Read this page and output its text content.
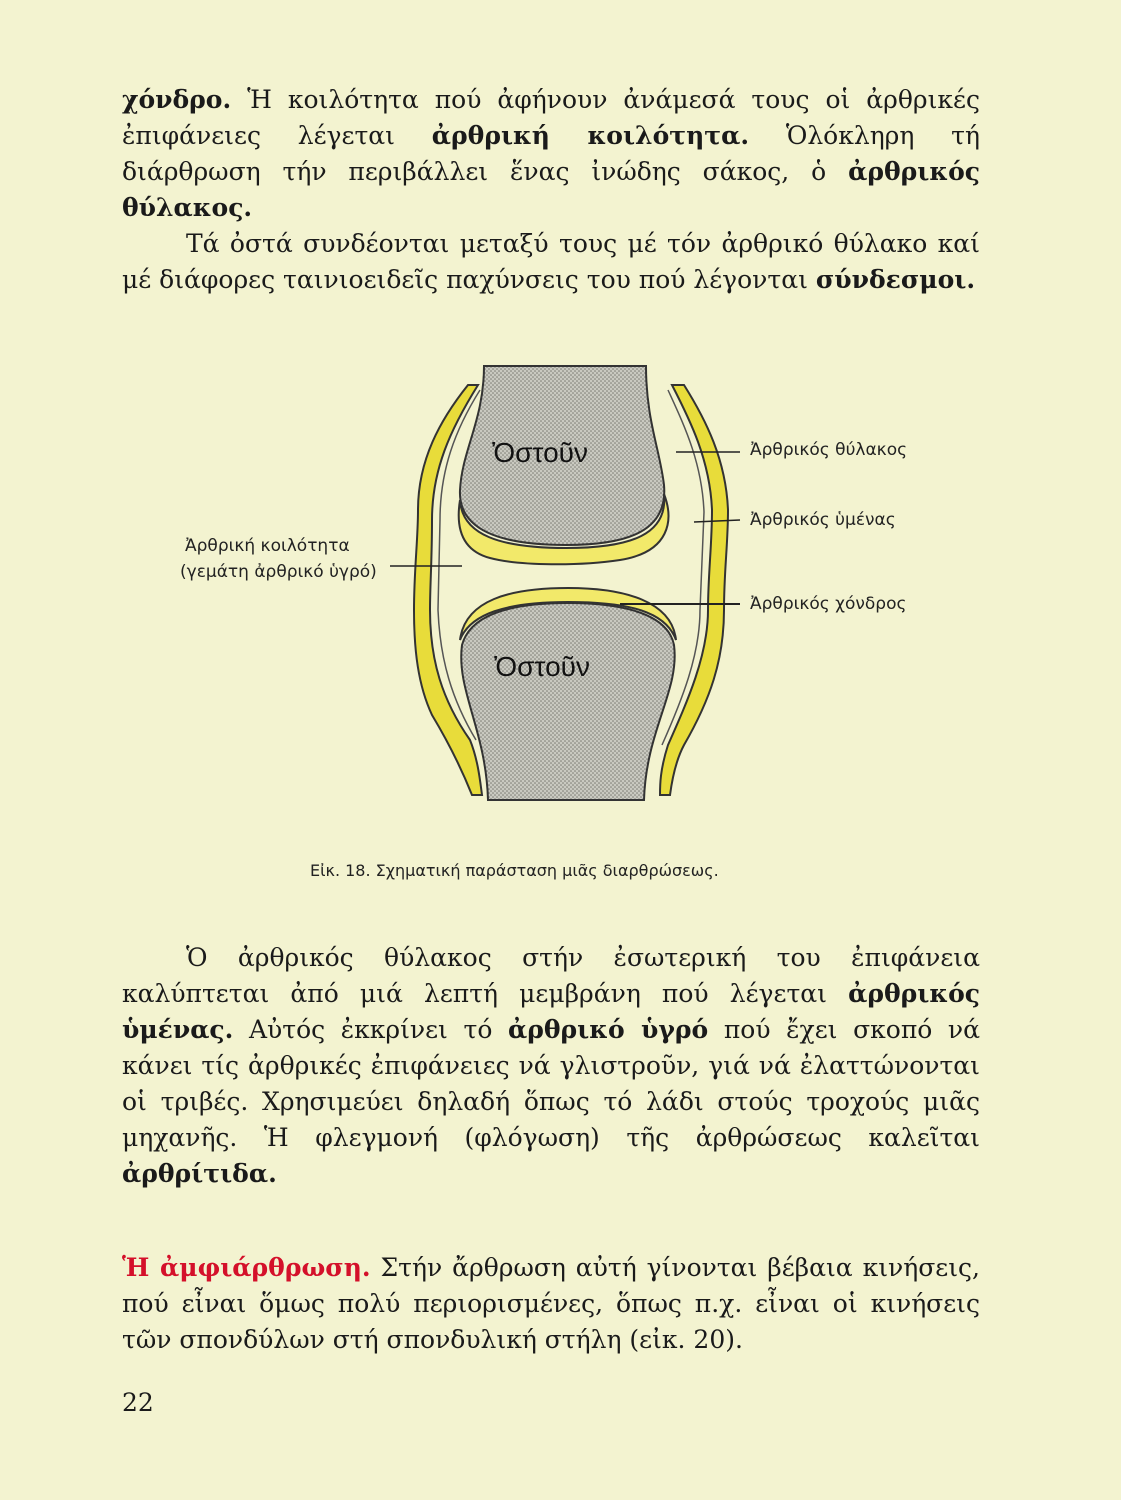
χόνδρο. Ἡ κοιλότητα πού ἀφήνουν ἀνάμεσά τους οἱ ἀρθρικές ἐπιφάνειες λέγεται ἀρθρική κοιλότητα. Ὁλόκληρη τή διάρθρωση τήν περιβάλλει ἕνας ἰνώδης σάκος, ὁ ἀρθρικός θύλακος.

Τά ὀστά συνδέονται μεταξύ τους μέ τόν ἀρθρικό θύλακο καί μέ διάφορες ταινιοειδεῖς παχύνσεις του πού λέγονται σύνδεσμοι.

Ὀστοῦν
Ὀστοῦν
Ἀρθρικός θύλακος
Ἀρθρικός ὑμένας
Ἀρθρικός χόνδρος
Ἀρθρική κοιλότητα
(γεμάτη ἀρθρικό ὑγρό)
Εἰκ. 18. Σχηματική παράσταση μιᾶς διαρθρώσεως.

Ὁ ἀρθρικός θύλακος στήν ἐσωτερική του ἐπιφάνεια καλύπτεται ἀπό μιά λεπτή μεμβράνη πού λέγεται ἀρθρικός ὑμένας. Αὐτός ἐκκρίνει τό ἀρθρικό ὑγρό πού ἔχει σκοπό νά κάνει τίς ἀρθρικές ἐπιφάνειες νά γλιστροῦν, γιά νά ἐλαττώνονται οἱ τριβές. Χρησιμεύει δηλαδή ὅπως τό λάδι στούς τροχούς μιᾶς μηχανῆς. Ἡ φλεγμονή (φλόγωση) τῆς ἀρθρώσεως καλεῖται ἀρθρίτιδα.

Ἡ ἀμφιάρθρωση. Στήν ἄρθρωση αὐτή γίνονται βέβαια κινήσεις, πού εἶναι ὅμως πολύ περιορισμένες, ὅπως π.χ. εἶναι οἱ κινήσεις τῶν σπονδύλων στή σπονδυλική στήλη (εἰκ. 20).

22
